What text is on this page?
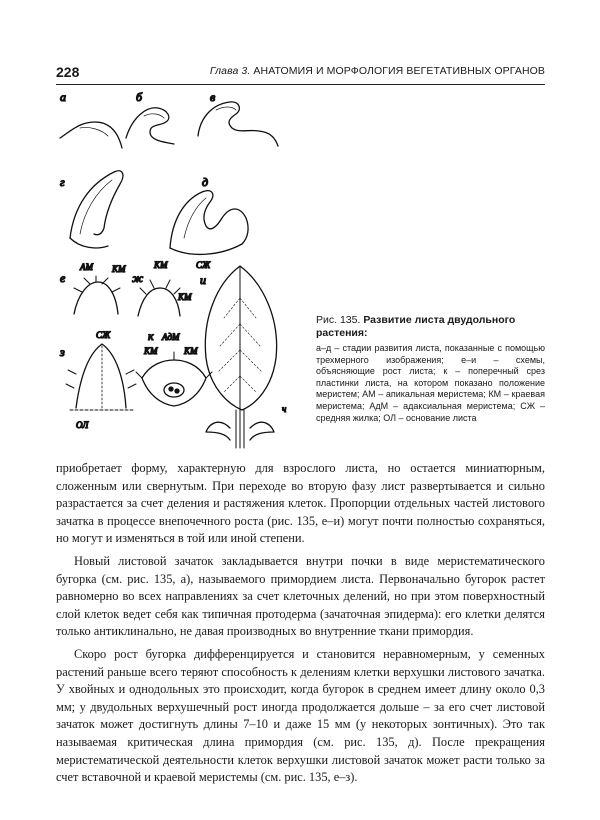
228	Глава 3. АНАТОМИЯ И МОРФОЛОГИЯ ВЕГЕТАТИВНЫХ ОРГАНОВ
а	б	в
г	д
е
АМ КМ
ж
КМ
КМ
и
СЖ
ч
з
СЖ
ОЛ
к
КМ
АдМ
КМ

Рис. 135. Развитие листа двудольного растения:

а–д – стадии развития листа, показанные с помощью трехмерного изображения; е–и – схемы, объясняющие рост листа; к – поперечный срез пластинки листа, на котором показано положение меристем; АМ – апикальная меристема; КМ – краевая меристема; АдМ – адаксиальная меристема; СЖ – средняя жилка; ОЛ – основание листа

приобретает форму, характерную для взрослого листа, но остается миниатюрным, сложенным или свернутым. При переходе во вторую фазу лист развертывается и сильно разрастается за счет деления и растяжения клеток. Пропорции отдельных частей листового зачатка в процессе внепочечного роста (рис. 135, е–и) могут почти полностью сохраняться, но могут и изменяться в той или иной степени.

Новый листовой зачаток закладывается внутри почки в виде меристематического бугорка (см. рис. 135, а), называемого примордием листа. Первоначально бугорок растет равномерно во всех направлениях за счет клеточных делений, но при этом поверхностный слой клеток ведет себя как типичная протодерма (зачаточная эпидерма): его клетки делятся только антиклинально, не давая производных во внутренние ткани примордия.

Скоро рост бугорка дифференцируется и становится неравномерным, у семенных растений раньше всего теряют способность к делениям клетки верхушки листового зачатка. У хвойных и однодольных это происходит, когда бугорок в среднем имеет длину около 0,3 мм; у двудольных верхушечный рост иногда продолжается дольше – за его счет листовой зачаток может достигнуть длины 7–10 и даже 15 мм (у некоторых зонтичных). Это так называемая критическая длина примордия (см. рис. 135, д). После прекращения меристематической деятельности клеток верхушки листовой зачаток может расти только за счет вставочной и краевой меристемы (см. рис. 135, е–з).
